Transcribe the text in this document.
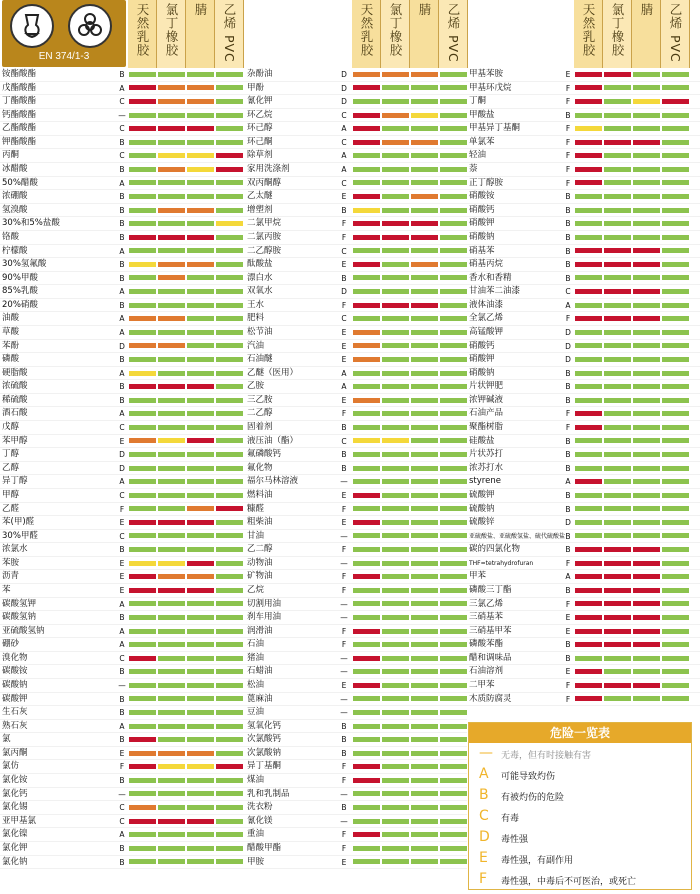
EN 374/1-3	天然乳胶 氯丁橡胶 腈 乙烯 PVC
铵酯酸酯	B
戊酯酸酯	A
丁酯酸酯	C
钙酯酸酯	—
乙酯酸酯	C
钾酯酸酯	B
丙酮	C
冰醋酸	B
50%醋酸	A
浓硼酸	B
氢溴酸	B
30%和5%盐酸	B
铬酸	B
柠檬酸	A
30%氢氟酸	B
90%甲酸	B
85%乳酸	A
20%硝酸	B
油酸	A
草酸	A
苯酚	D
磷酸	B
硬脂酸	A
浓硫酸	B
稀硫酸	B
酒石酸	A
戊醇	C
苯甲醇	E
丁醇	D
乙醇	D
异丁醇	A
甲醇	C
乙醛	F
苯(甲)醛	E
30%甲醛	C
浓氯水	B
苯胺	E
沥青	E
苯	E
碳酸氢钾	A
碳酸氢钠	B
亚硫酸氢钠	A
硼砂	A
溴化物	C
碳酸铵	B
碳酸钠	—
碳酸钾	B
生石灰	B
熟石灰	A
氯	B
氯丙酮	E
氯仿	F
氯化铵	B
氯化钙	—
氯化锡	C
亚甲基氯	C
氯化镍	A
氯化钾	B
氯化钠	B
天然乳胶 氯丁橡胶 腈 乙烯 PVC
杂酚油	D
甲酚	D
氰化钾	D
环乙烷	C
环己醇	A
环己酮	C
除草剂	A
家用洗涤剂	A
双丙酮醇	C
乙太醚	E
增塑剂	B
二氯甲烷	F
二氯丙胺	F
二乙醇胺	C
酞酸盐	E
漂白水	B
双氧水	D
王水	F
肥料	C
松节油	E
汽油	E
石油醚	E
乙醚（医用）	A
乙胺	A
三乙胺	E
二乙醇	F
固着剂	B
液压油（酯）	C
氟磷酸钙	B
氟化物	B
福尔马林溶液	—
燃料油	E
糠醛	F
粗柴油	E
甘油	—
乙二醇	F
动物油	—
矿物油	F
乙烷	F
切割用油	—
刹车用油	—
润滑油	F
石油	F
猪油	—
石蜡油	—
松油	E
蓖麻油	—
豆油	—
氢氧化钙	B
次氯酸钙	B
次氯酸钠	B
异丁基酮	F
煤油	F
乳和乳制品	—
洗衣粉	B
氰化镁	—
重油	F
醋酸甲酯	F
甲胺	E
天然乳胶 氯丁橡胶 腈 乙烯 PVC
甲基苯胺	E
甲基环戊烷	F
丁酮	F
甲酸盐	B
甲基异丁基酮	F
单氯苯	F
轻油	F
萘	F
正丁醇胺	F
硝酸铵	B
硝酸钙	B
硝酸钾	B
硝酸钠	B
硝基苯	B
硝基丙烷	B
香水和香精	B
甘油苯二油漆	C
液体油漆	A
全氯乙烯	F
高锰酸钾	D
硝酸钙	D
硝酸钾	D
硝酸钠	B
片状钾肥	B
浓钾碱液	B
石油产品	F
聚酯树脂	F
硅酸盐	B
片状苏打	B
浓苏打水	B
styrene	A
硫酸钾	B
硫酸钠	B
硫酸锌	D
亚硫酸盐、亚硫酸氢盐、硫代硫酸盐 B
碳的四氯化物	B
THF=tetrahydrofuran	F
甲苯	A
磷酸三丁酯	B
三氯乙烯	F
三硝基苯	E
三硝基甲苯	E
磷酸苯酯	B
醋和调味品	B
石油溶剂	E
二甲苯	F
木质防腐灵	F
危险一览表
— 无毒，但有时接触有害
A 可能导致灼伤
B 有被灼伤的危险
C 有毒
D 毒性强
E 毒性强，有副作用
F 毒性强，中毒后不可医治，或死亡
